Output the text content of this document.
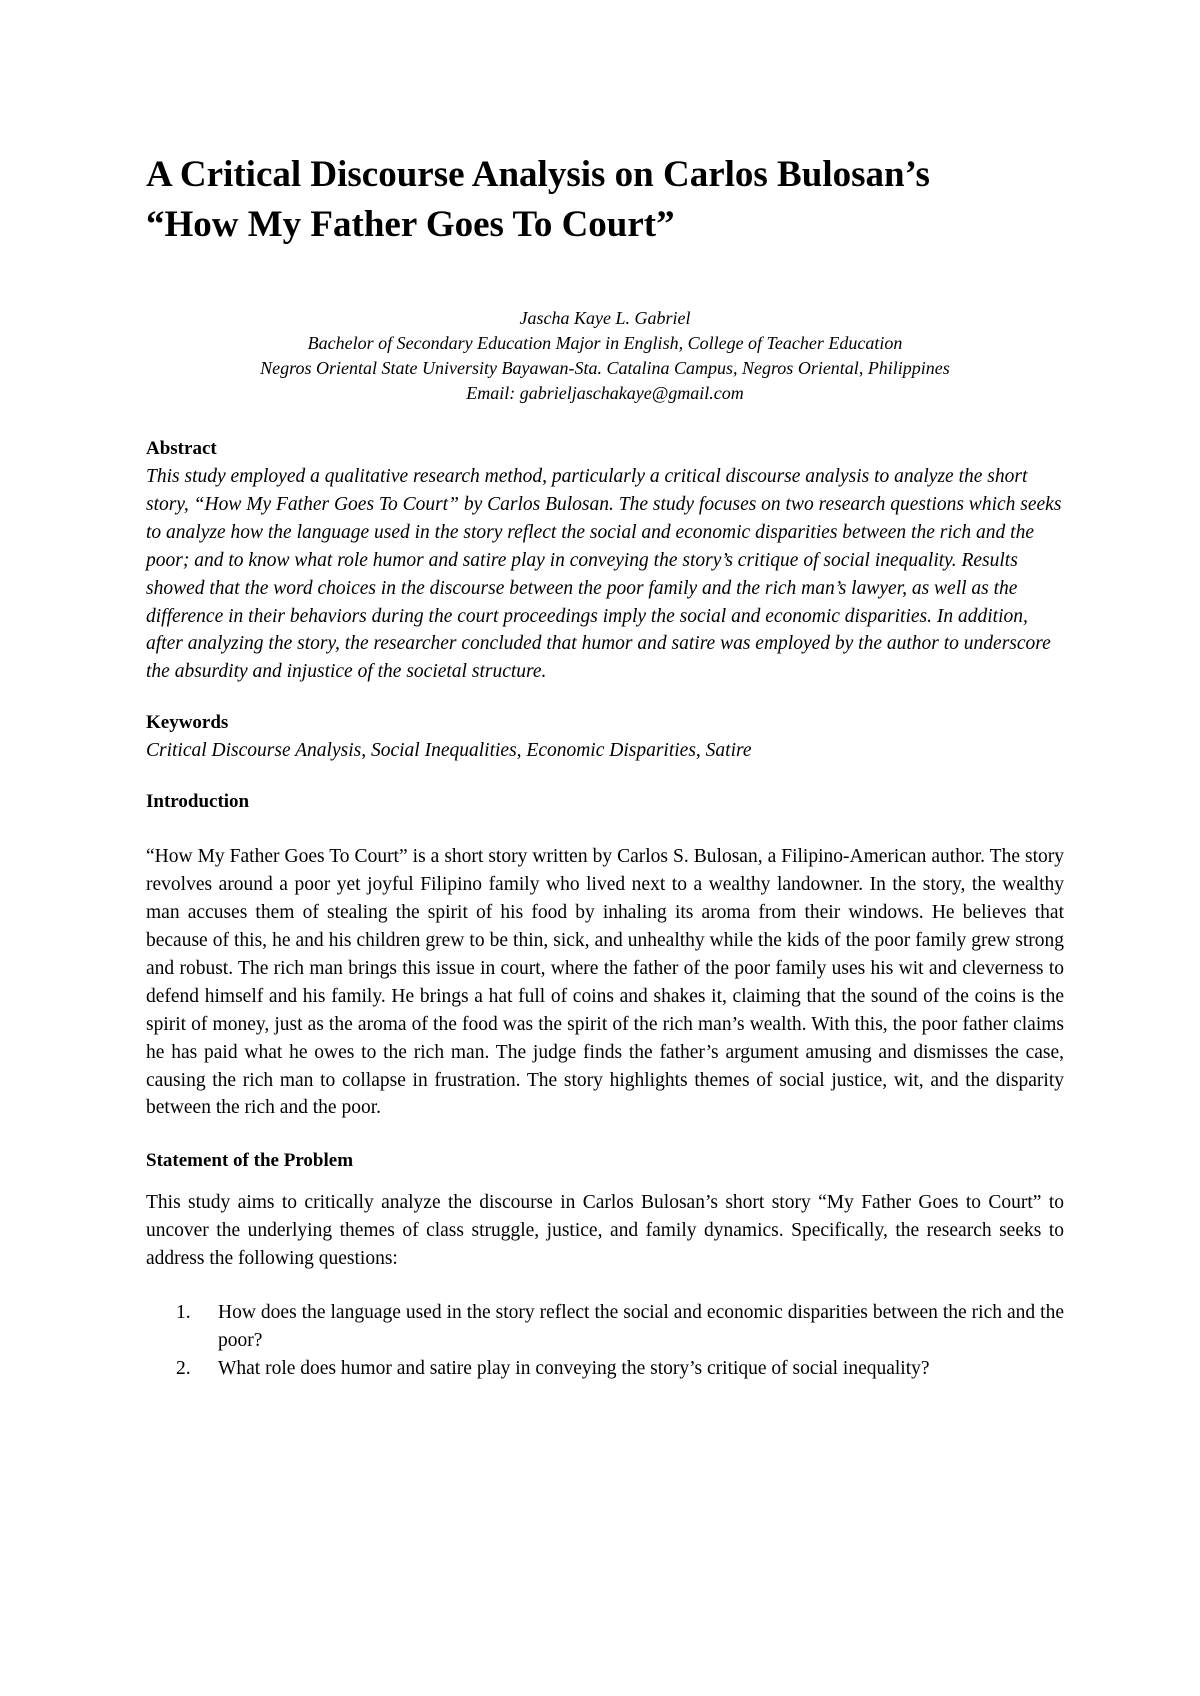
A Critical Discourse Analysis on Carlos Bulosan’s
“How My Father Goes To Court”
Jascha Kaye L. Gabriel
Bachelor of Secondary Education Major in English, College of Teacher Education
Negros Oriental State University Bayawan-Sta. Catalina Campus, Negros Oriental, Philippines
Email: gabrieljaschakaye@gmail.com
Abstract

This study employed a qualitative research method, particularly a critical discourse analysis to analyze the short story, “How My Father Goes To Court” by Carlos Bulosan. The study focuses on two research questions which seeks to analyze how the language used in the story reflect the social and economic disparities between the rich and the poor; and to know what role humor and satire play in conveying the story’s critique of social inequality. Results showed that the word choices in the discourse between the poor family and the rich man’s lawyer, as well as the difference in their behaviors during the court proceedings imply the social and economic disparities. In addition, after analyzing the story, the researcher concluded that humor and satire was employed by the author to underscore the absurdity and injustice of the societal structure.

Keywords

Critical Discourse Analysis, Social Inequalities, Economic Disparities, Satire

Introduction

“How My Father Goes To Court” is a short story written by Carlos S. Bulosan, a Filipino-American author. The story revolves around a poor yet joyful Filipino family who lived next to a wealthy landowner. In the story, the wealthy man accuses them of stealing the spirit of his food by inhaling its aroma from their windows. He believes that because of this, he and his children grew to be thin, sick, and unhealthy while the kids of the poor family grew strong and robust. The rich man brings this issue in court, where the father of the poor family uses his wit and cleverness to defend himself and his family. He brings a hat full of coins and shakes it, claiming that the sound of the coins is the spirit of money, just as the aroma of the food was the spirit of the rich man’s wealth. With this, the poor father claims he has paid what he owes to the rich man. The judge finds the father’s argument amusing and dismisses the case, causing the rich man to collapse in frustration. The story highlights themes of social justice, wit, and the disparity between the rich and the poor.

Statement of the Problem

This study aims to critically analyze the discourse in Carlos Bulosan’s short story “My Father Goes to Court” to uncover the underlying themes of class struggle, justice, and family dynamics. Specifically, the research seeks to address the following questions:

1. How does the language used in the story reflect the social and economic disparities between the rich and the poor?
2. What role does humor and satire play in conveying the story’s critique of social inequality?
